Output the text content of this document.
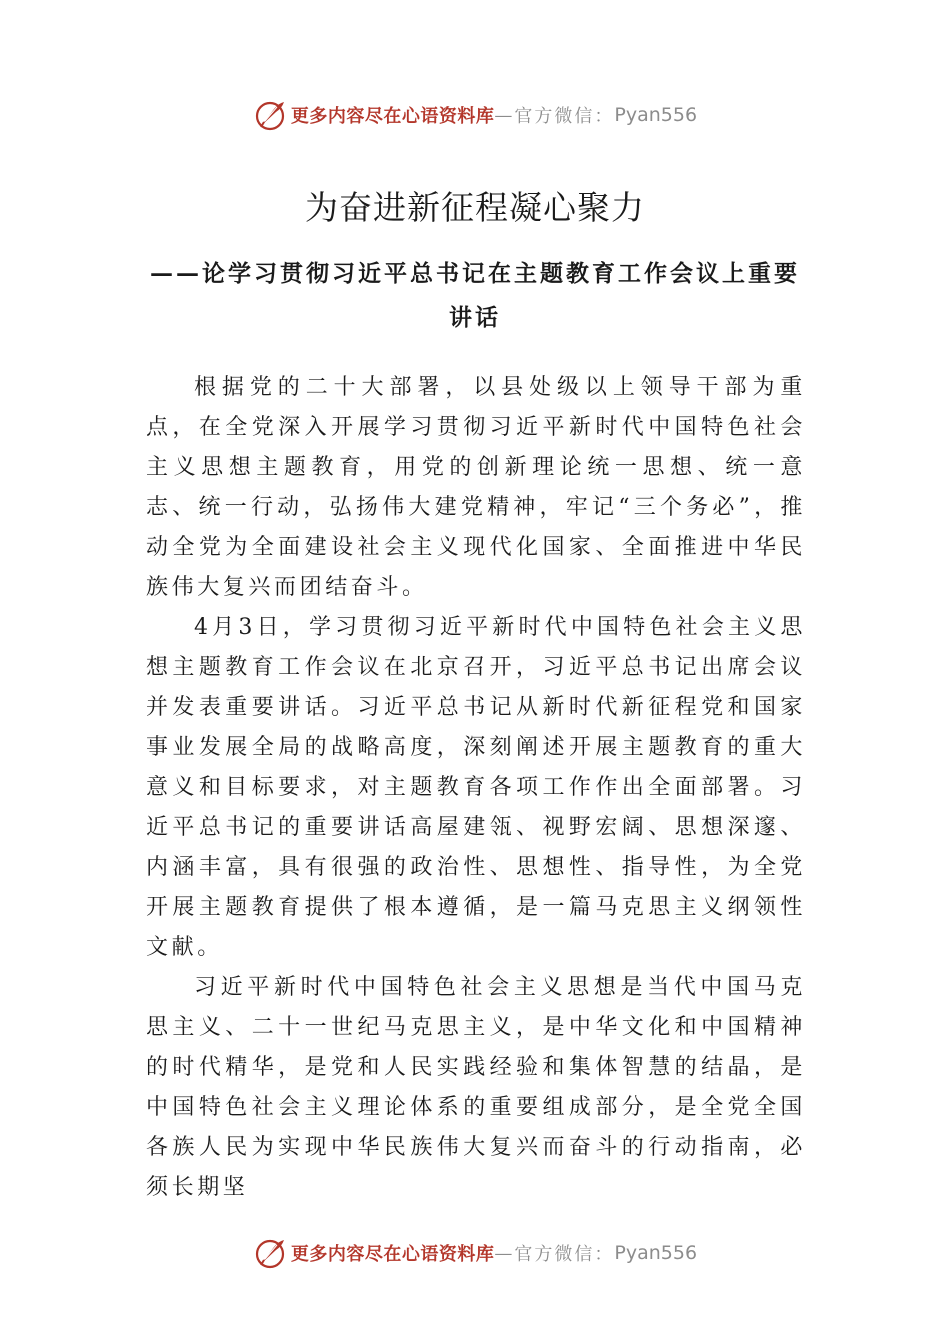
更多内容尽在心语资料库 — 官方微信： Pyan556
为奋进新征程凝心聚力
——论学习贯彻习近平总书记在主题教育工作会议上重要讲话

根据党的二十大部署，以县处级以上领导干部为重点，在全党深入开展学习贯彻习近平新时代中国特色社会主义思想主题教育，用党的创新理论统一思想、统一意志、统一行动，弘扬伟大建党精神，牢记“三个务必”，推动全党为全面建设社会主义现代化国家、全面推进中华民族伟大复兴而团结奋斗。

4月3日，学习贯彻习近平新时代中国特色社会主义思想主题教育工作会议在北京召开，习近平总书记出席会议并发表重要讲话。习近平总书记从新时代新征程党和国家事业发展全局的战略高度，深刻阐述开展主题教育的重大意义和目标要求，对主题教育各项工作作出全面部署。习近平总书记的重要讲话高屋建瓴、视野宏阔、思想深邃、内涵丰富，具有很强的政治性、思想性、指导性，为全党开展主题教育提供了根本遵循，是一篇马克思主义纲领性文献。

习近平新时代中国特色社会主义思想是当代中国马克思主义、二十一世纪马克思主义，是中华文化和中国精神的时代精华，是党和人民实践经验和集体智慧的结晶，是中国特色社会主义理论体系的重要组成部分，是全党全国各族人民为实现中华民族伟大复兴而奋斗的行动指南，必须长期坚

更多内容尽在心语资料库 — 官方微信： Pyan556
